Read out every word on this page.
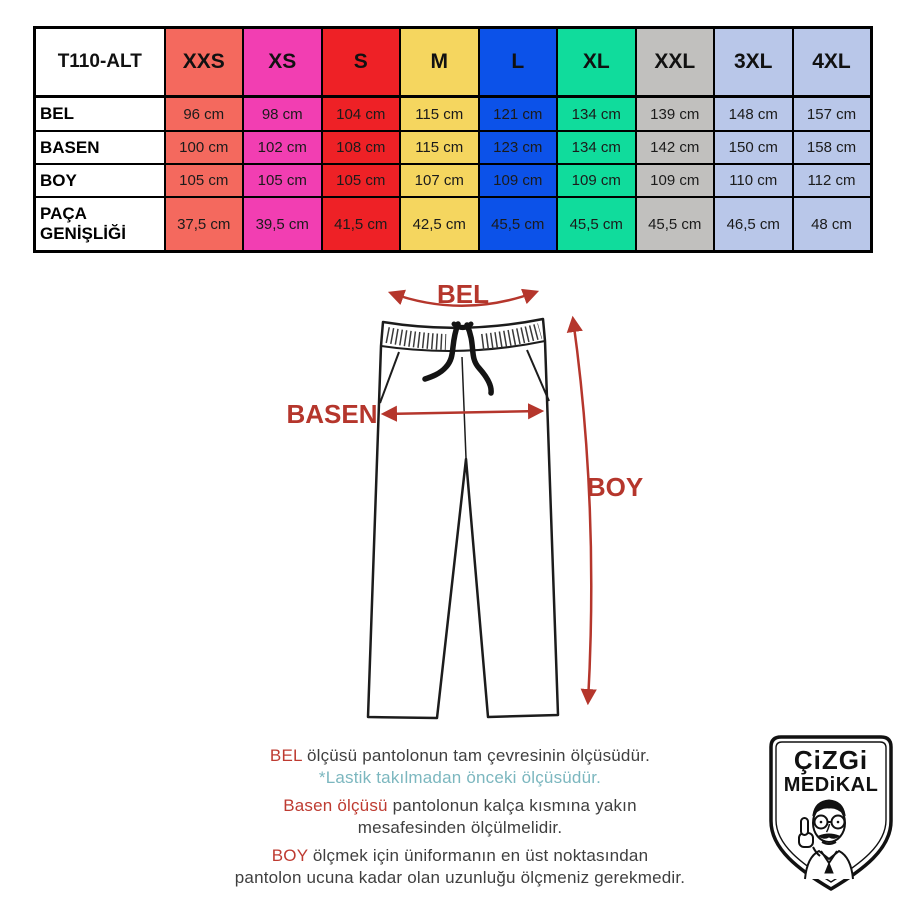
T110-ALT	XXS	XS	S	M	L	XL	XXL	3XL	4XL
BEL	96 cm	98 cm	104 cm	115 cm	121 cm	134 cm	139 cm	148 cm	157 cm
BASEN	100 cm	102 cm	108 cm	115 cm	123 cm	134 cm	142 cm	150 cm	158 cm
BOY	105 cm	105 cm	105 cm	107 cm	109 cm	109 cm	109 cm	110 cm	112 cm
PAÇA GENİŞLİĞİ	37,5 cm	39,5 cm	41,5 cm	42,5 cm	45,5 cm	45,5 cm	45,5 cm	46,5 cm	48 cm
BEL
BASEN
BOY

BEL ölçüsü pantolonun tam çevresinin ölçüsüdür.

*Lastik takılmadan önceki ölçüsüdür.

Basen ölçüsü pantolonun kalça kısmına yakın

mesafesinden ölçülmelidir.

BOY ölçmek için üniformanın en üst noktasından

pantolon ucuna kadar olan uzunluğu ölçmeniz gerekmedir.

ÇiZGi
MEDiKAL
